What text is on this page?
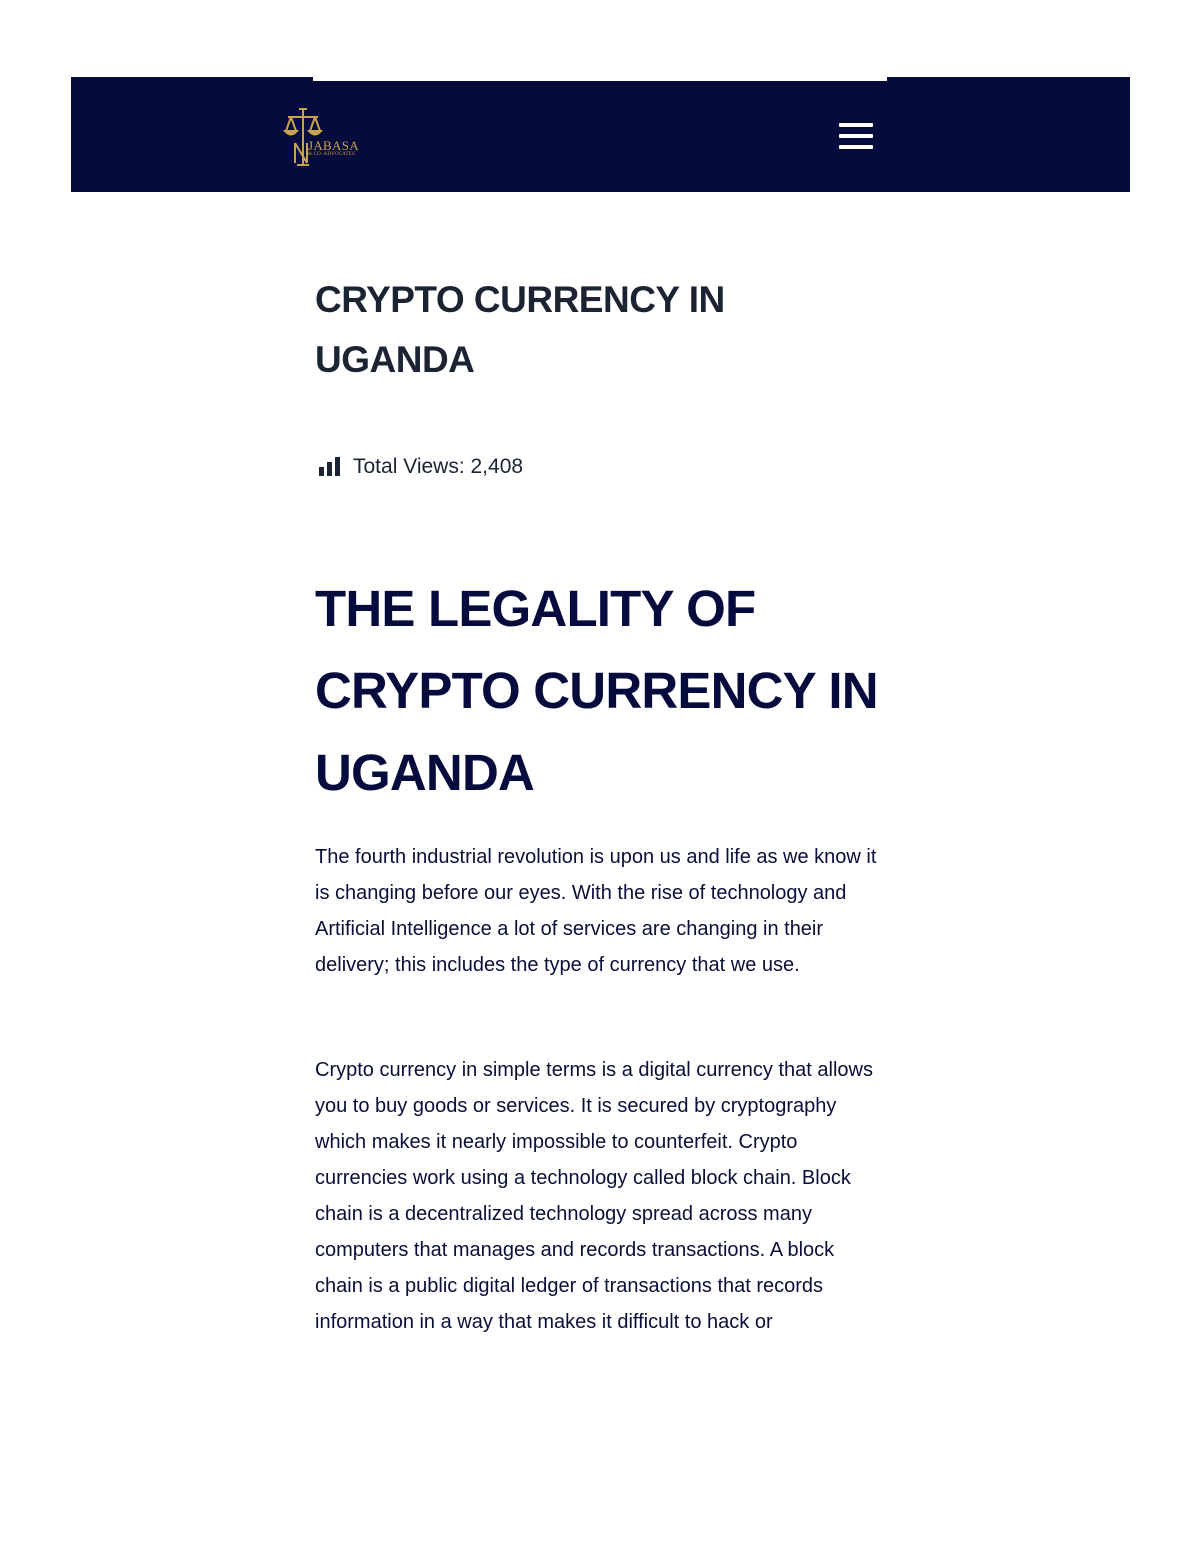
JABASA
& CO. ADVOCATES
CRYPTO CURRENCY IN UGANDA
Total Views: 2,408
THE LEGALITY OF CRYPTO CURRENCY IN UGANDA

The fourth industrial revolution is upon us and life as we know it is changing before our eyes. With the rise of technology and Artificial Intelligence a lot of services are changing in their delivery; this includes the type of currency that we use.

Crypto currency in simple terms is a digital currency that allows you to buy goods or services. It is secured by cryptography which makes it nearly impossible to counterfeit. Crypto currencies work using a technology called block chain. Block chain is a decentralized technology spread across many computers that manages and records transactions. A block chain is a public digital ledger of transactions that records information in a way that makes it difficult to hack or
